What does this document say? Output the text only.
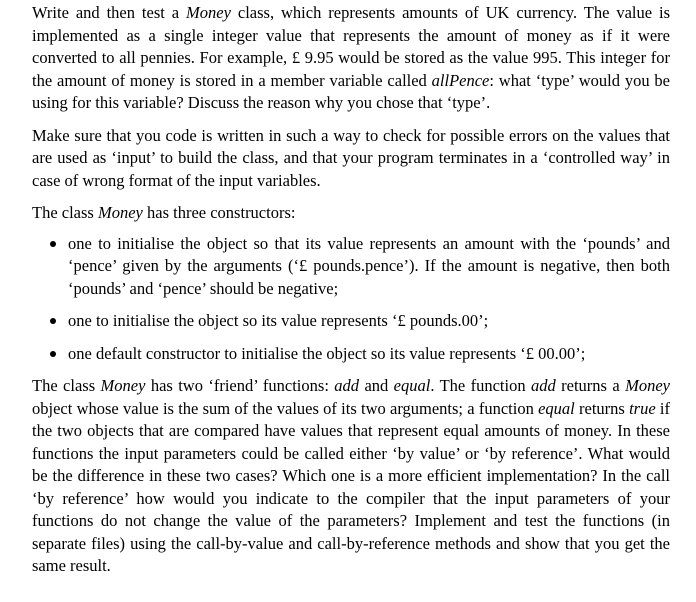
Write and then test a Money class, which represents amounts of UK currency. The value is implemented as a single integer value that represents the amount of money as if it were converted to all pennies. For example, £ 9.95 would be stored as the value 995. This integer for the amount of money is stored in a member variable called allPence: what ‘type’ would you be using for this variable? Discuss the reason why you chose that ‘type’.

Make sure that you code is written in such a way to check for possible errors on the values that are used as ‘input’ to build the class, and that your program terminates in a ‘controlled way’ in case of wrong format of the input variables.

The class Money has three constructors:

one to initialise the object so that its value represents an amount with the ‘pounds’ and ‘pence’ given by the arguments (‘£ pounds.pence’). If the amount is negative, then both ‘pounds’ and ‘pence’ should be negative;
one to initialise the object so its value represents ‘£ pounds.00’;
one default constructor to initialise the object so its value represents ‘£ 00.00’;

The class Money has two ‘friend’ functions: add and equal. The function add returns a Money object whose value is the sum of the values of its two arguments; a function equal returns true if the two objects that are compared have values that represent equal amounts of money. In these functions the input parameters could be called either ‘by value’ or ‘by reference’. What would be the difference in these two cases? Which one is a more efficient implementation? In the call ‘by reference’ how would you indicate to the compiler that the input parameters of your functions do not change the value of the parameters? Implement and test the functions (in separate files) using the call-by-value and call-by-reference methods and show that you get the same result.
